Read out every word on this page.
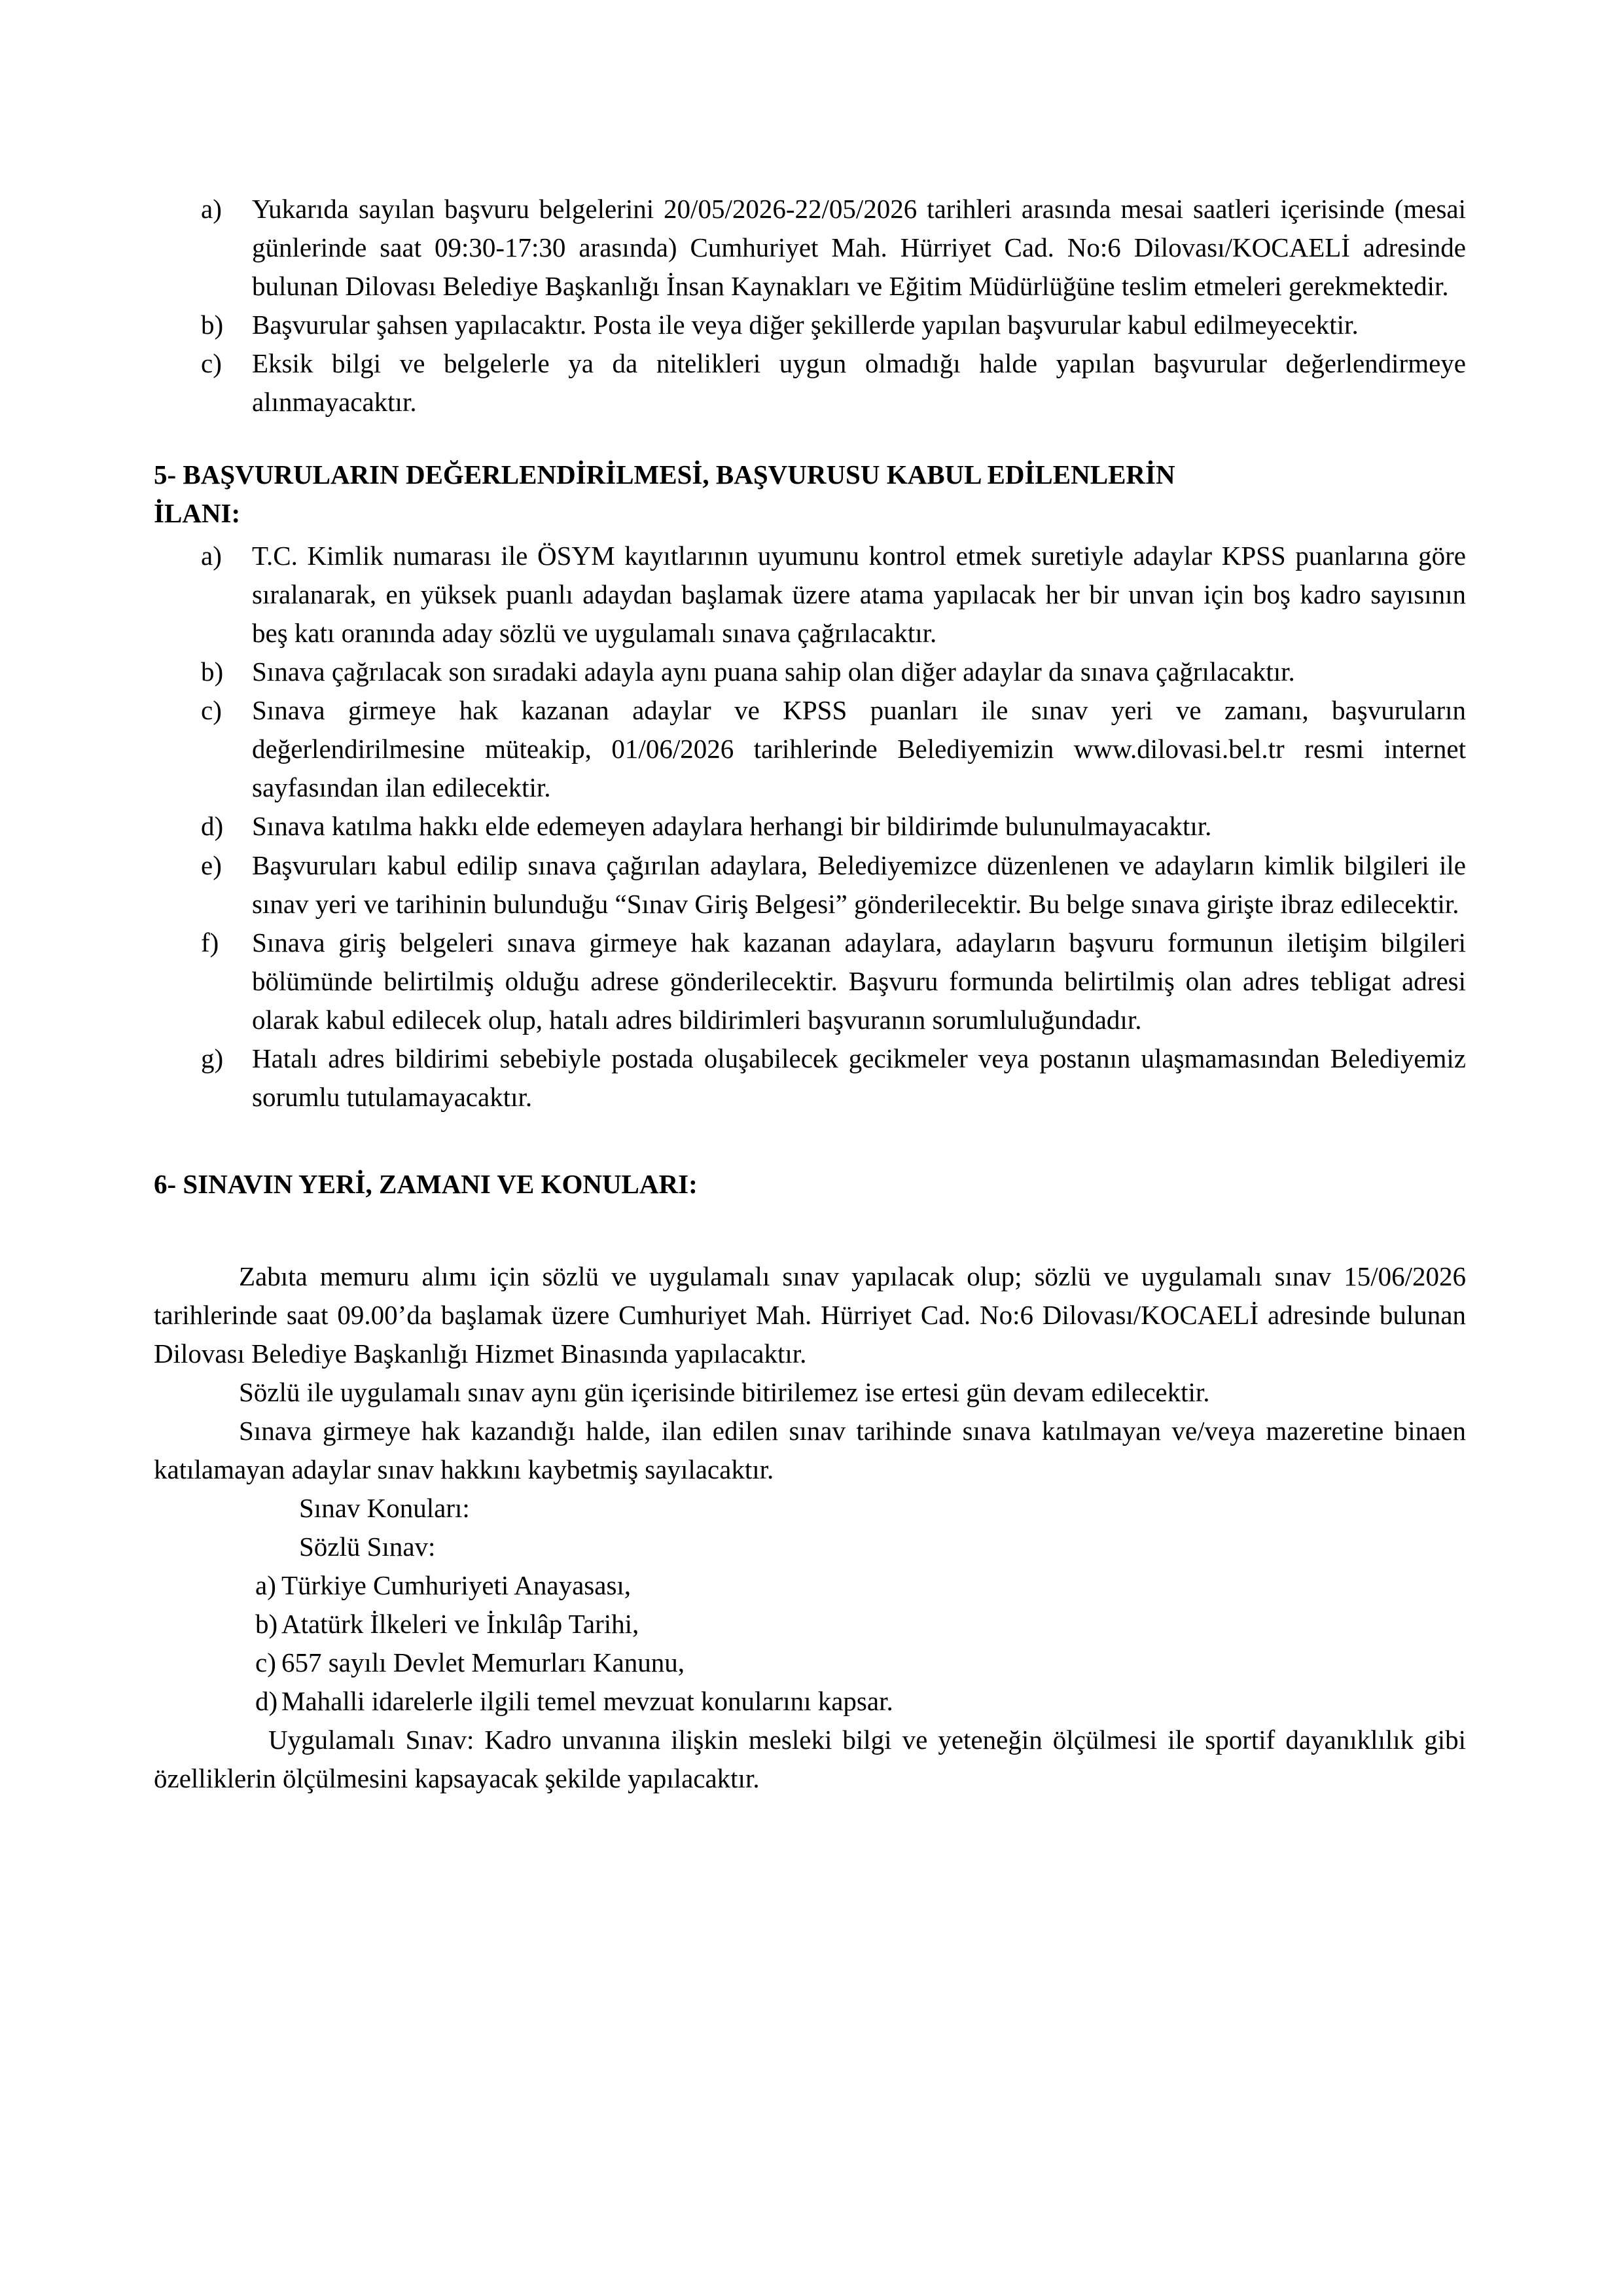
a)	Yukarıda sayılan başvuru belgelerini 20/05/2026-22/05/2026 tarihleri arasında mesai saatleri içerisinde (mesai günlerinde saat 09:30-17:30 arasında) Cumhuriyet Mah. Hürriyet Cad. No:6 Dilovası/KOCAELİ adresinde bulunan Dilovası Belediye Başkanlığı İnsan Kaynakları ve Eğitim Müdürlüğüne teslim etmeleri gerekmektedir.
b)	Başvurular şahsen yapılacaktır. Posta ile veya diğer şekillerde yapılan başvurular kabul edilmeyecektir.
c)	Eksik bilgi ve belgelerle ya da nitelikleri uygun olmadığı halde yapılan başvurular değerlendirmeye alınmayacaktır.
5- BAŞVURULARIN DEĞERLENDİRİLMESİ, BAŞVURUSU KABUL EDİLENLERİN
İLANI:
a)	T.C. Kimlik numarası ile ÖSYM kayıtlarının uyumunu kontrol etmek suretiyle adaylar KPSS puanlarına göre sıralanarak, en yüksek puanlı adaydan başlamak üzere atama yapılacak her bir unvan için boş kadro sayısının beş katı oranında aday sözlü ve uygulamalı sınava çağrılacaktır.
b)	Sınava çağrılacak son sıradaki adayla aynı puana sahip olan diğer adaylar da sınava çağrılacaktır.
c)	Sınava girmeye hak kazanan adaylar ve KPSS puanları ile sınav yeri ve zamanı, başvuruların değerlendirilmesine müteakip, 01/06/2026 tarihlerinde Belediyemizin www.dilovasi.bel.tr resmi internet sayfasından ilan edilecektir.
d)	Sınava katılma hakkı elde edemeyen adaylara herhangi bir bildirimde bulunulmayacaktır.
e)	Başvuruları kabul edilip sınava çağırılan adaylara, Belediyemizce düzenlenen ve adayların kimlik bilgileri ile sınav yeri ve tarihinin bulunduğu “Sınav Giriş Belgesi” gönderilecektir. Bu belge sınava girişte ibraz edilecektir.
f)	Sınava giriş belgeleri sınava girmeye hak kazanan adaylara, adayların başvuru formunun iletişim bilgileri bölümünde belirtilmiş olduğu adrese gönderilecektir. Başvuru formunda belirtilmiş olan adres tebligat adresi olarak kabul edilecek olup, hatalı adres bildirimleri başvuranın sorumluluğundadır.
g)	Hatalı adres bildirimi sebebiyle postada oluşabilecek gecikmeler veya postanın ulaşmamasından Belediyemiz sorumlu tutulamayacaktır.
6- SINAVIN YERİ, ZAMANI VE KONULARI:

Zabıta memuru alımı için sözlü ve uygulamalı sınav yapılacak olup; sözlü ve uygulamalı sınav 15/06/2026 tarihlerinde saat 09.00’da başlamak üzere Cumhuriyet Mah. Hürriyet Cad. No:6 Dilovası/KOCAELİ adresinde bulunan Dilovası Belediye Başkanlığı Hizmet Binasında yapılacaktır.

Sözlü ile uygulamalı sınav aynı gün içerisinde bitirilemez ise ertesi gün devam edilecektir.

Sınava girmeye hak kazandığı halde, ilan edilen sınav tarihinde sınava katılmayan ve/veya mazeretine binaen katılamayan adaylar sınav hakkını kaybetmiş sayılacaktır.

Sınav Konuları:

Sözlü Sınav:

a) Türkiye Cumhuriyeti Anayasası,
b) Atatürk İlkeleri ve İnkılâp Tarihi,
c) 657 sayılı Devlet Memurları Kanunu,
d) Mahalli idarelerle ilgili temel mevzuat konularını kapsar.

Uygulamalı Sınav: Kadro unvanına ilişkin mesleki bilgi ve yeteneğin ölçülmesi ile sportif dayanıklılık gibi özelliklerin ölçülmesini kapsayacak şekilde yapılacaktır.
